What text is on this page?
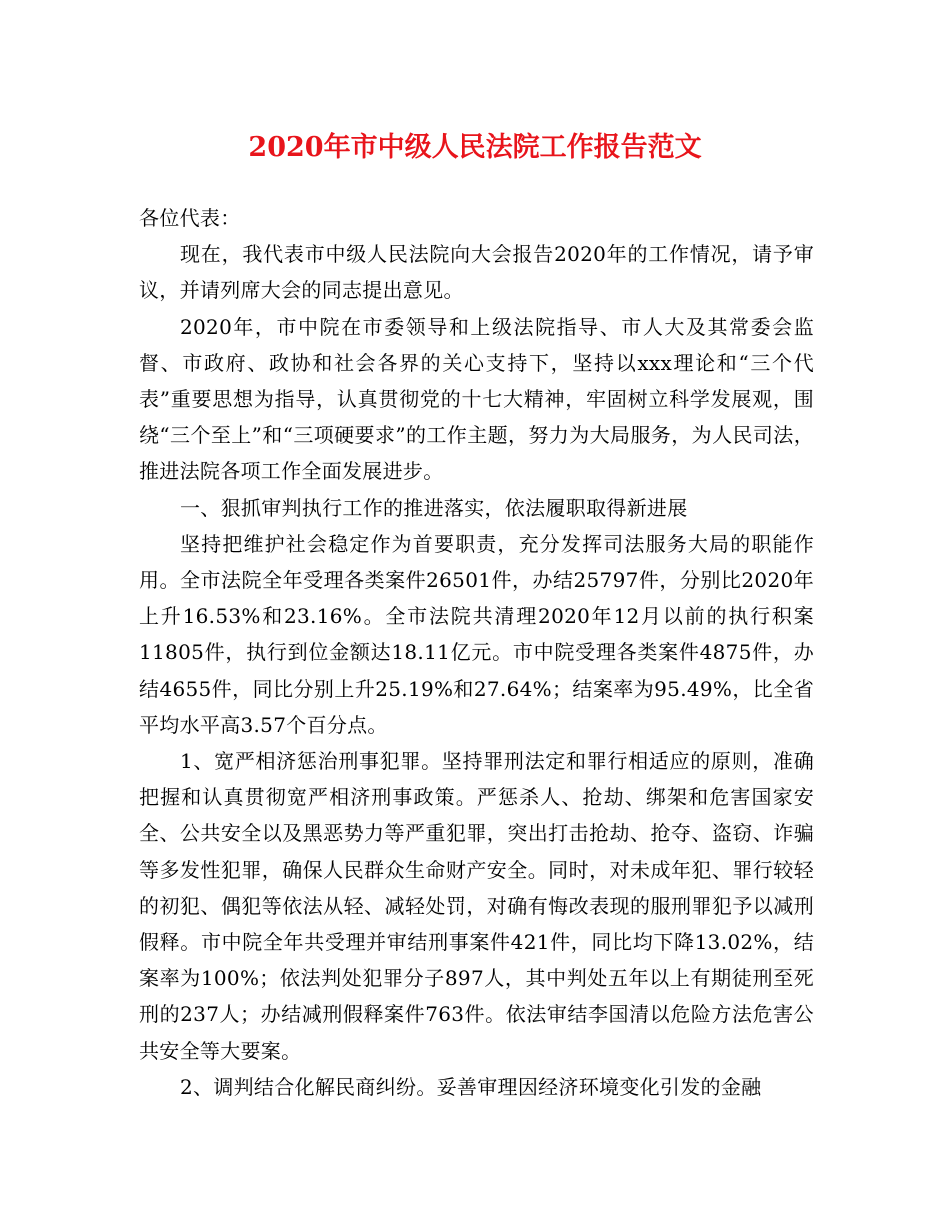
2020年市中级人民法院工作报告范文

各位代表：

现在，我代表市中级人民法院向大会报告2020年的工作情况，请予审议，并请列席大会的同志提出意见。

2020年，市中院在市委领导和上级法院指导、市人大及其常委会监督、市政府、政协和社会各界的关心支持下，坚持以xxx理论和“三个代表”重要思想为指导，认真贯彻党的十七大精神，牢固树立科学发展观，围绕“三个至上”和“三项硬要求”的工作主题，努力为大局服务，为人民司法，推进法院各项工作全面发展进步。

一、狠抓审判执行工作的推进落实，依法履职取得新进展

坚持把维护社会稳定作为首要职责，充分发挥司法服务大局的职能作用。全市法院全年受理各类案件26501件，办结25797件，分别比2020年上升16.53%和23.16%。全市法院共清理2020年12月以前的执行积案11805件，执行到位金额达18.11亿元。市中院受理各类案件4875件，办结4655件，同比分别上升25.19%和27.64%；结案率为95.49%，比全省平均水平高3.57个百分点。

1、宽严相济惩治刑事犯罪。坚持罪刑法定和罪行相适应的原则，准确把握和认真贯彻宽严相济刑事政策。严惩杀人、抢劫、绑架和危害国家安全、公共安全以及黑恶势力等严重犯罪，突出打击抢劫、抢夺、盗窃、诈骗等多发性犯罪，确保人民群众生命财产安全。同时，对未成年犯、罪行较轻的初犯、偶犯等依法从轻、减轻处罚，对确有悔改表现的服刑罪犯予以减刑假释。市中院全年共受理并审结刑事案件421件，同比均下降13.02%，结案率为100%；依法判处犯罪分子897人，其中判处五年以上有期徒刑至死刑的237人；办结减刑假释案件763件。依法审结李国清以危险方法危害公共安全等大要案。

2、调判结合化解民商纠纷。妥善审理因经济环境变化引发的金融
